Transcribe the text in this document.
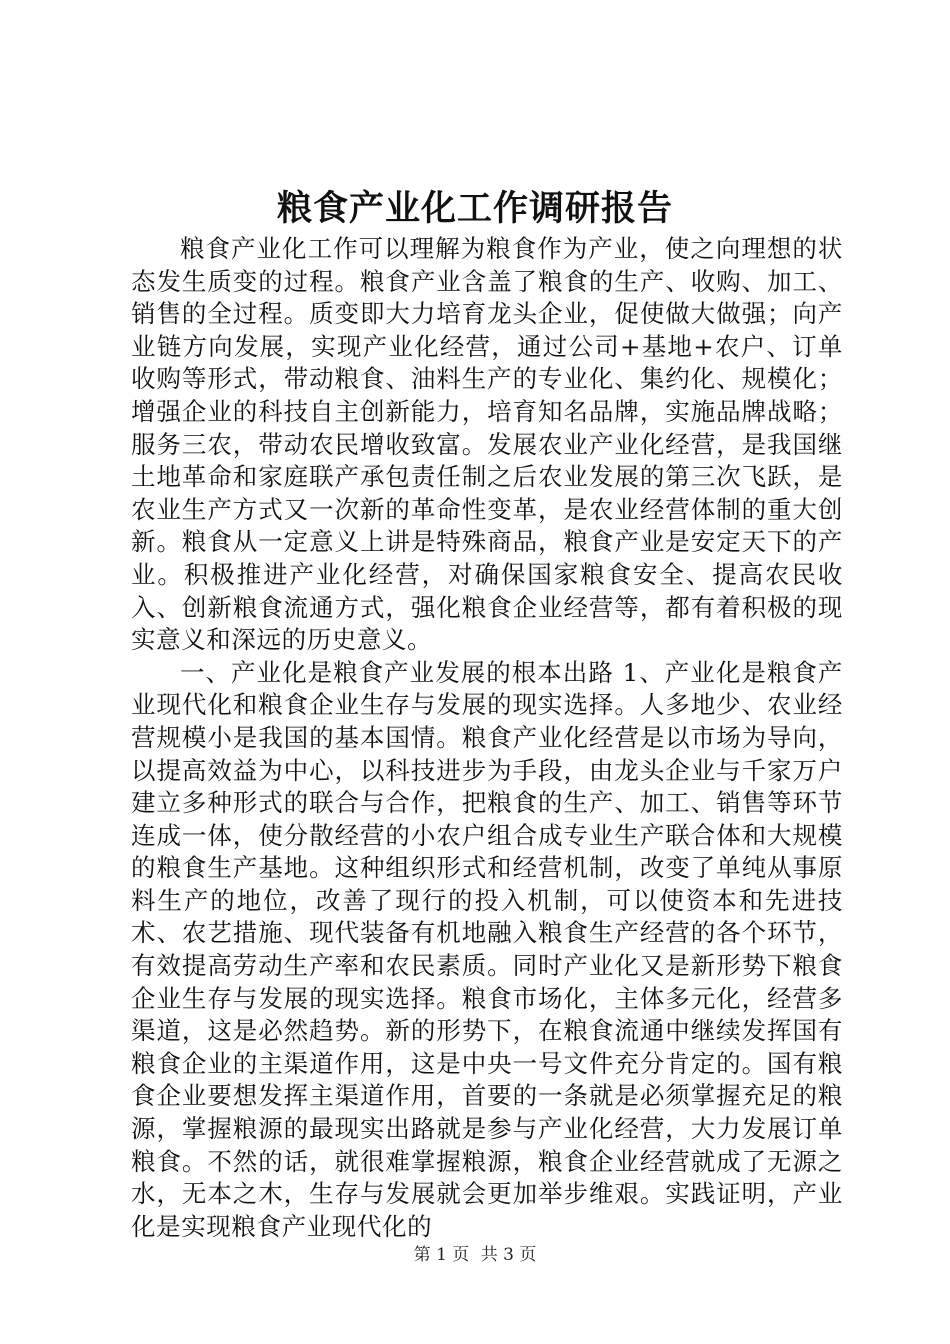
粮食产业化工作调研报告

粮食产业化工作可以理解为粮食作为产业，使之向理想的状态发生质变的过程。粮食产业含盖了粮食的生产、收购、加工、销售的全过程。质变即大力培育龙头企业，促使做大做强；向产业链方向发展，实现产业化经营，通过公司+基地+农户、订单收购等形式，带动粮食、油料生产的专业化、集约化、规模化；增强企业的科技自主创新能力，培育知名品牌，实施品牌战略；服务三农，带动农民增收致富。发展农业产业化经营，是我国继土地革命和家庭联产承包责任制之后农业发展的第三次飞跃，是农业生产方式又一次新的革命性变革，是农业经营体制的重大创新。粮食从一定意义上讲是特殊商品，粮食产业是安定天下的产业。积极推进产业化经营，对确保国家粮食安全、提高农民收入、创新粮食流通方式，强化粮食企业经营等，都有着积极的现实意义和深远的历史意义。

一、产业化是粮食产业发展的根本出路 1、产业化是粮食产业现代化和粮食企业生存与发展的现实选择。人多地少、农业经营规模小是我国的基本国情。粮食产业化经营是以市场为导向，以提高效益为中心，以科技进步为手段，由龙头企业与千家万户建立多种形式的联合与合作，把粮食的生产、加工、销售等环节连成一体，使分散经营的小农户组合成专业生产联合体和大规模的粮食生产基地。这种组织形式和经营机制，改变了单纯从事原料生产的地位，改善了现行的投入机制，可以使资本和先进技术、农艺措施、现代装备有机地融入粮食生产经营的各个环节，有效提高劳动生产率和农民素质。同时产业化又是新形势下粮食企业生存与发展的现实选择。粮食市场化，主体多元化，经营多渠道，这是必然趋势。新的形势下，在粮食流通中继续发挥国有粮食企业的主渠道作用，这是中央一号文件充分肯定的。国有粮食企业要想发挥主渠道作用，首要的一条就是必须掌握充足的粮源，掌握粮源的最现实出路就是参与产业化经营，大力发展订单粮食。不然的话，就很难掌握粮源，粮食企业经营就成了无源之水，无本之木，生存与发展就会更加举步维艰。实践证明，产业化是实现粮食产业现代化的

第 1 页 共 3 页
